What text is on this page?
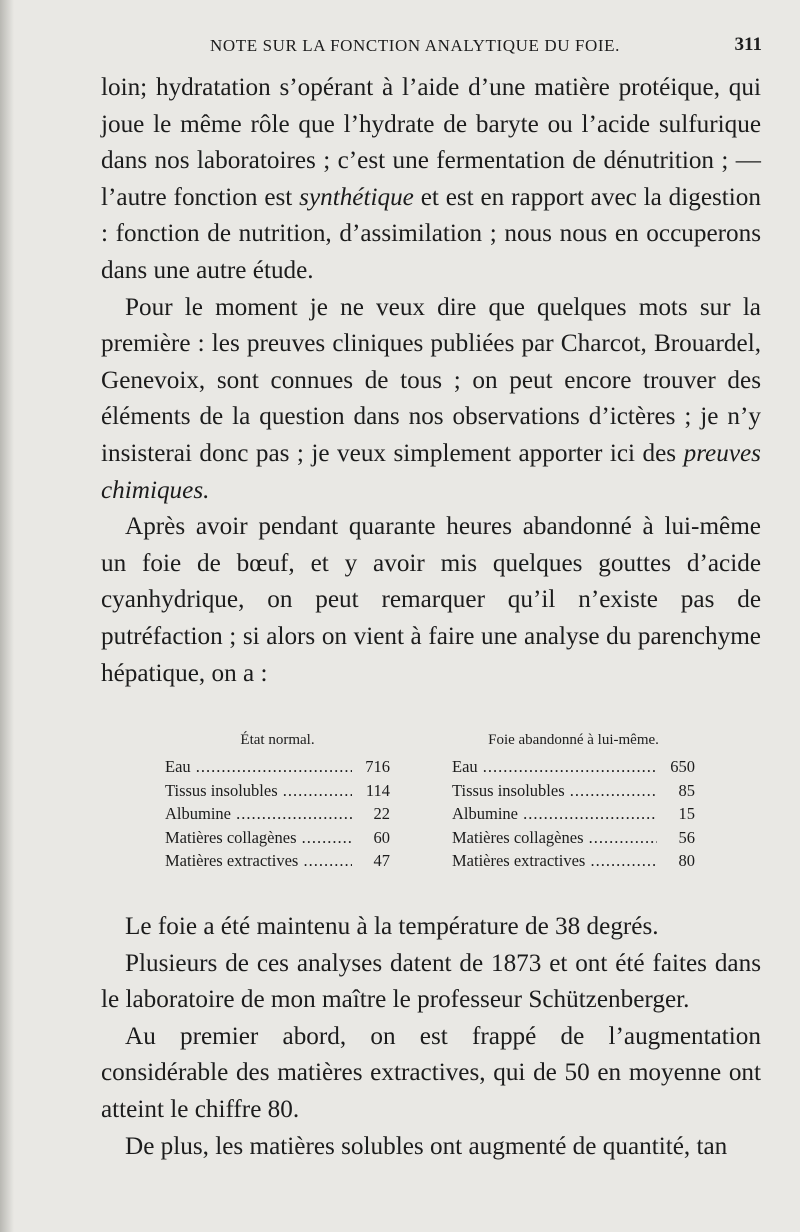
NOTE SUR LA FONCTION ANALYTIQUE DU FOIE.	311

loin; hydratation s’opérant à l’aide d’une matière protéique, qui joue le même rôle que l’hydrate de baryte ou l’acide sulfurique dans nos laboratoires ; c’est une fermentation de dénutrition ; — l’autre fonction est synthétique et est en rapport avec la digestion : fonction de nutrition, d’assimilation ; nous nous en occuperons dans une autre étude.

Pour le moment je ne veux dire que quelques mots sur la première : les preuves cliniques publiées par Charcot, Brouardel, Genevoix, sont connues de tous ; on peut encore trouver des éléments de la question dans nos observations d’ictères ; je n’y insisterai donc pas ; je veux simplement apporter ici des preuves chimiques.

Après avoir pendant quarante heures abandonné à lui-même un foie de bœuf, et y avoir mis quelques gouttes d’acide cyanhydrique, on peut remarquer qu’il n’existe pas de putréfaction ; si alors on vient à faire une analyse du parenchyme hépatique, on a :

État normal.
Eau .....	716
Tissus insolubles .....	114
Albumine .....	22
Matières collagènes .....	60
Matières extractives .....	47
Foie abandonné à lui-même.
Eau .....	650
Tissus insolubles .....	85
Albumine .....	15
Matières collagènes .....	56
Matières extractives .....	80

Le foie a été maintenu à la température de 38 degrés.

Plusieurs de ces analyses datent de 1873 et ont été faites dans le laboratoire de mon maître le professeur Schützenberger.

Au premier abord, on est frappé de l’augmentation considérable des matières extractives, qui de 50 en moyenne ont atteint le chiffre 80.

De plus, les matières solubles ont augmenté de quantité, tan
